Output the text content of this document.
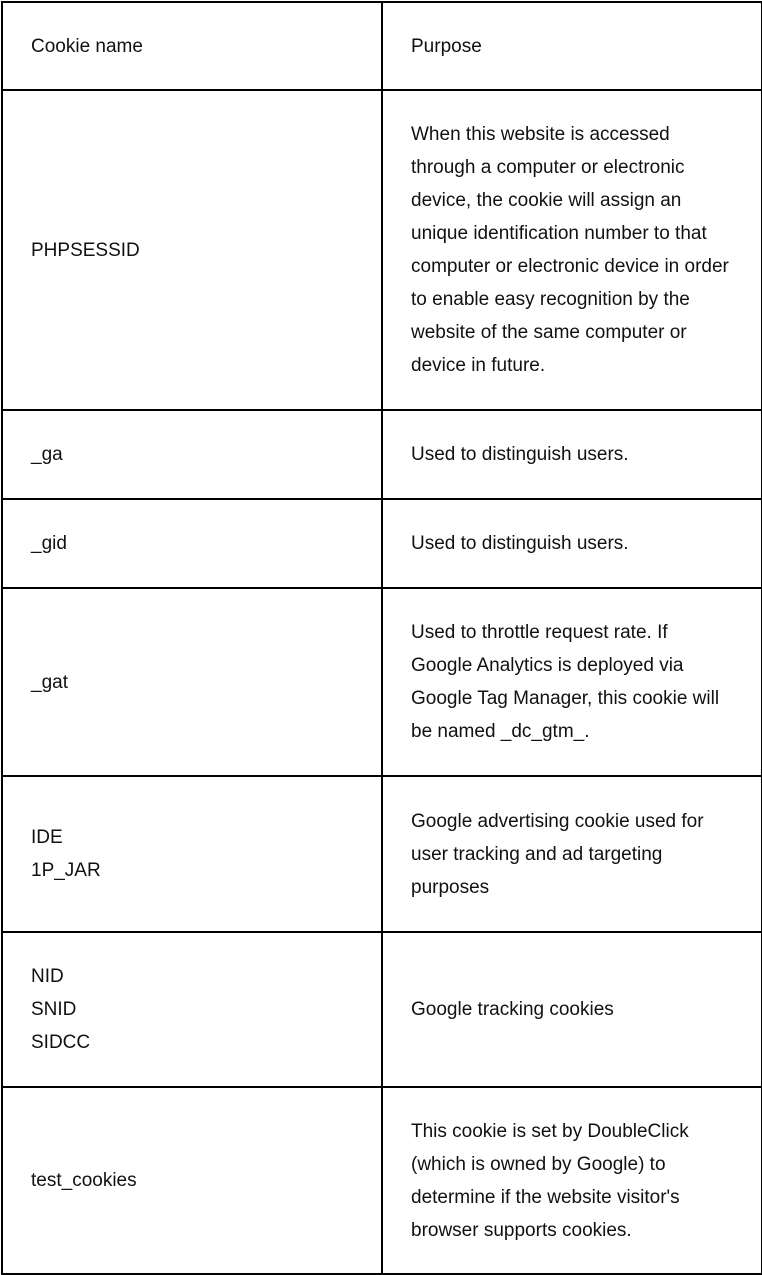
Cookie name	Purpose

PHPSESSID	When this website is accessed through a computer or electronic device, the cookie will assign an unique identification number to that computer or electronic device in order to enable easy recognition by the website of the same computer or device in future.

_ga	Used to distinguish users.

_gid	Used to distinguish users.

_gat	Used to throttle request rate. If Google Analytics is deployed via Google Tag Manager, this cookie will be named _dc_gtm_.

IDE
1P_JAR	Google advertising cookie used for user tracking and ad targeting purposes

NID
SNID
SIDCC	Google tracking cookies

test_cookies	This cookie is set by DoubleClick (which is owned by Google) to determine if the website visitor's browser supports cookies.
